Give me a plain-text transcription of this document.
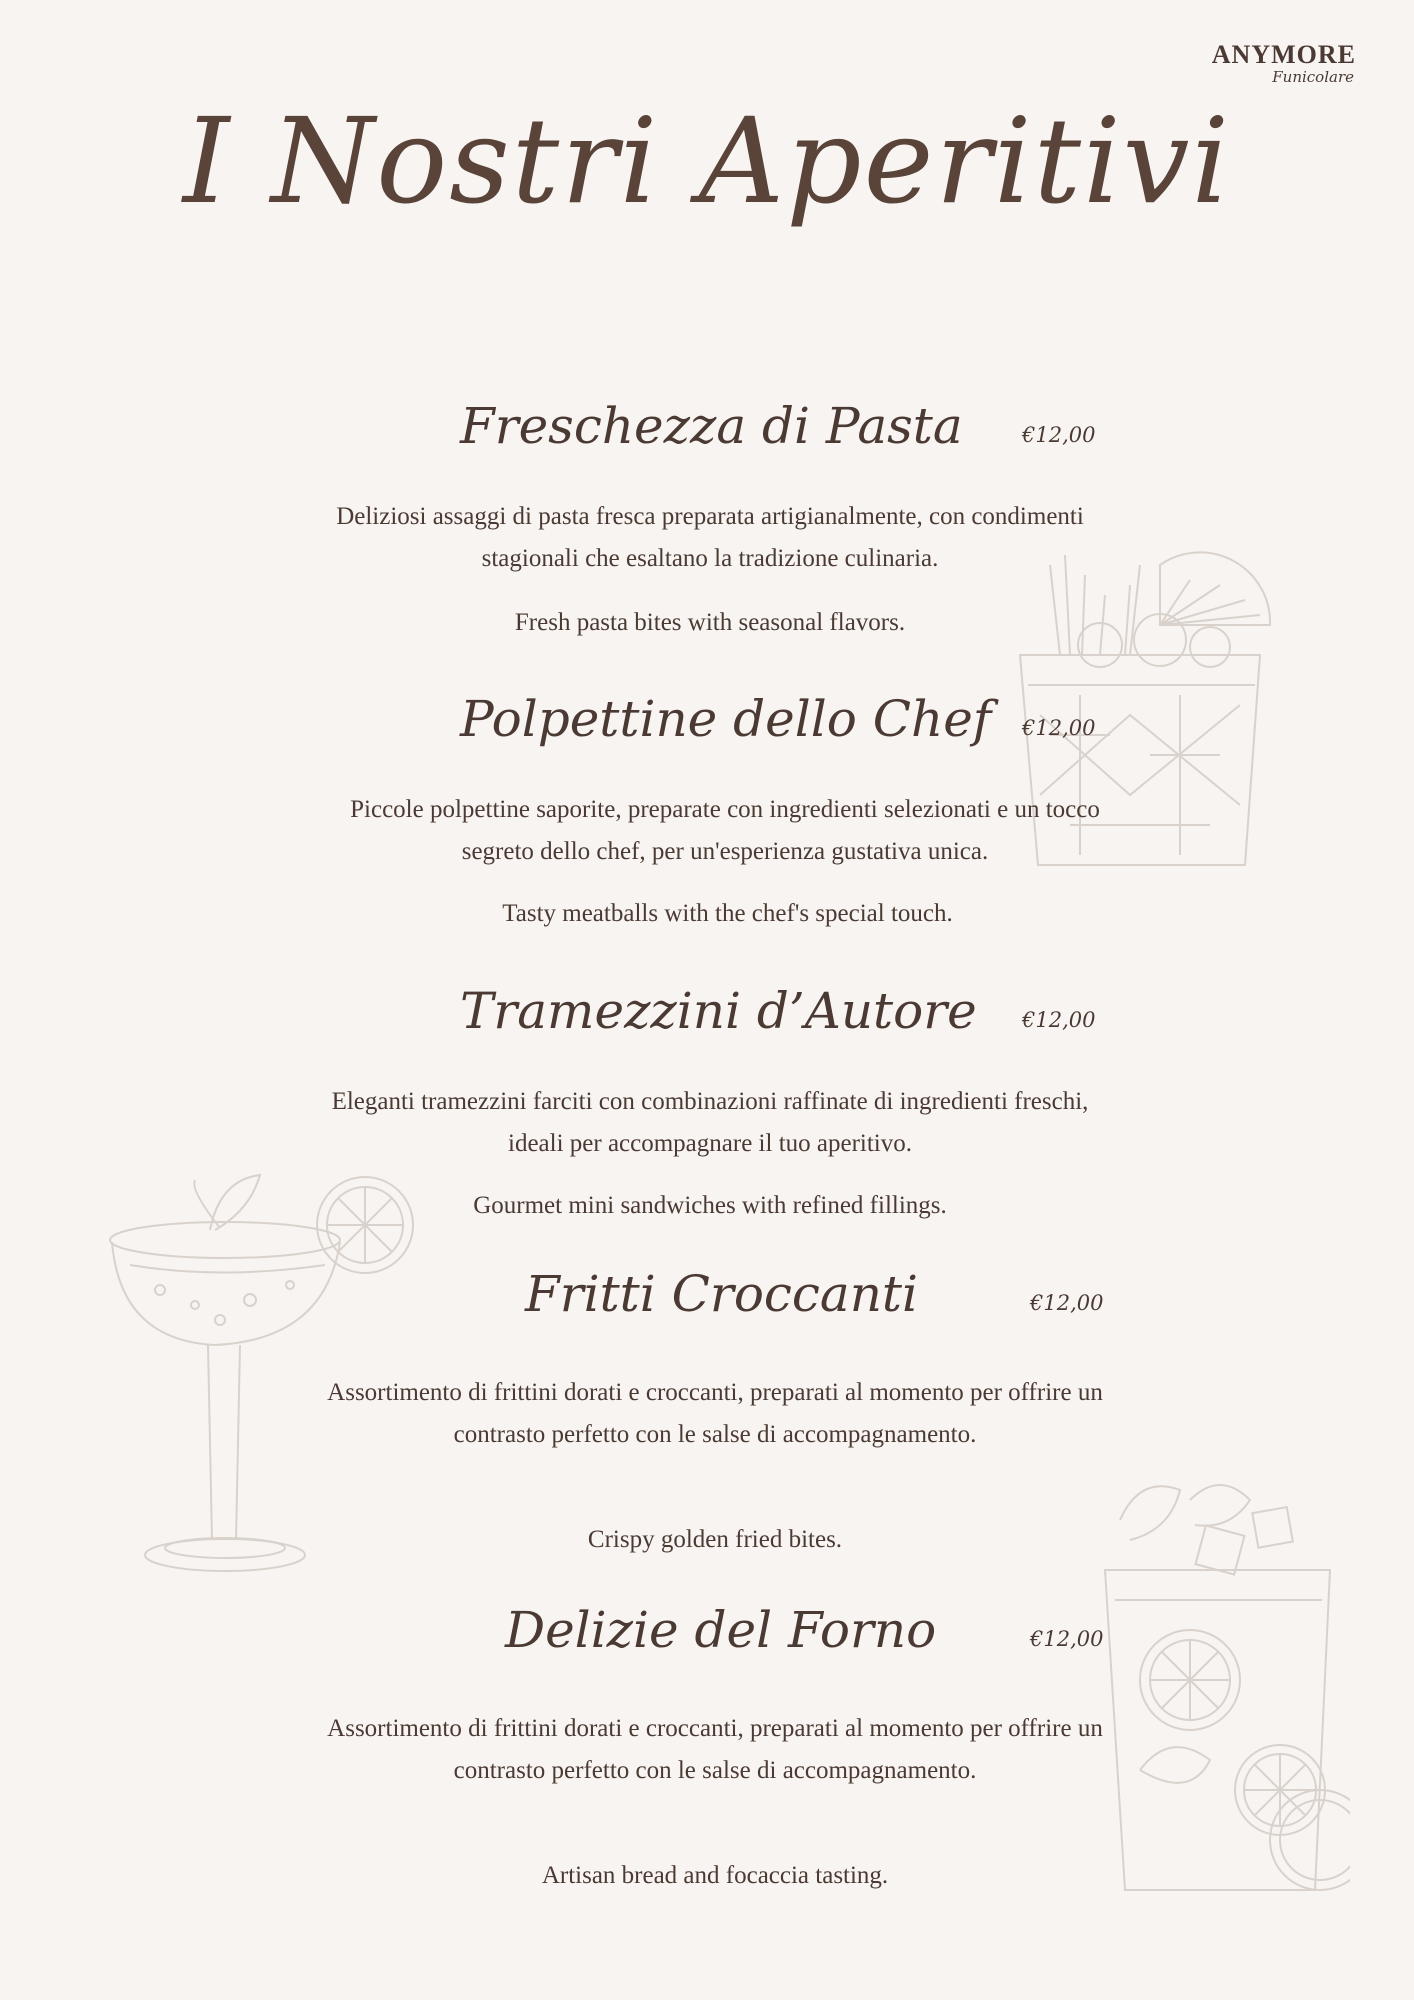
ANYMORE
Funicolare
I Nostri Aperitivi
Freschezza di Pasta	€12,00
Deliziosi assaggi di pasta fresca preparata artigianalmente, con condimenti stagionali che esaltano la tradizione culinaria.
Fresh pasta bites with seasonal flavors.
Polpettine dello Chef €12,00
Piccole polpettine saporite, preparate con ingredienti selezionati e un tocco segreto dello chef, per un'esperienza gustativa unica.
Tasty meatballs with the chef's special touch.
Tramezzini d’Autore €12,00
Eleganti tramezzini farciti con combinazioni raffinate di ingredienti freschi, ideali per accompagnare il tuo aperitivo.
Gourmet mini sandwiches with refined fillings.
Fritti Croccanti	€12,00
Assortimento di frittini dorati e croccanti, preparati al momento per offrire un contrasto perfetto con le salse di accompagnamento.
Crispy golden fried bites.
Delizie del Forno	€12,00
Assortimento di frittini dorati e croccanti, preparati al momento per offrire un contrasto perfetto con le salse di accompagnamento.
Artisan bread and focaccia tasting.
